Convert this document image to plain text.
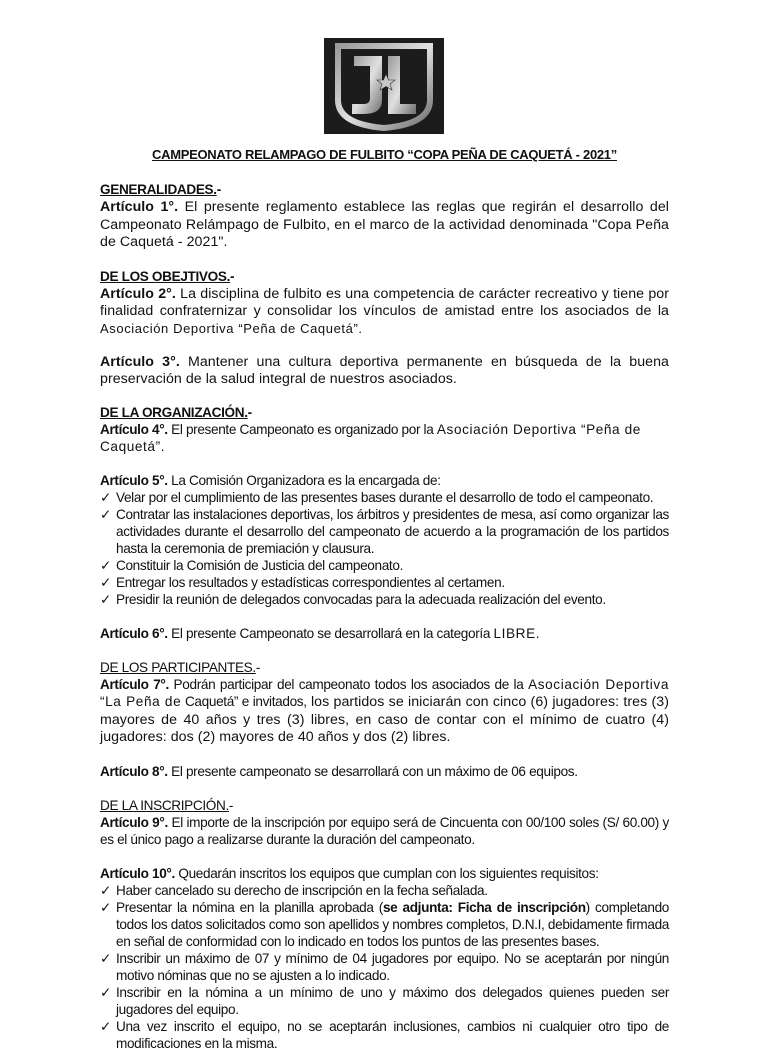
CAMPEONATO RELAMPAGO DE FULBITO “COPA PEÑA DE CAQUETÁ - 2021”

GENERALIDADES.-
Artículo 1°. El presente reglamento establece las reglas que regirán el desarrollo del Campeonato Relámpago de Fulbito, en el marco de la actividad denominada "Copa Peña de Caquetá - 2021".

DE LOS OBEJTIVOS.-
Artículo 2°. La disciplina de fulbito es una competencia de carácter recreativo y tiene por finalidad confraternizar y consolidar los vínculos de amistad entre los asociados de la Asociación Deportiva “Peña de Caquetá”.

Artículo 3°. Mantener una cultura deportiva permanente en búsqueda de la buena preservación de la salud integral de nuestros asociados.

DE LA ORGANIZACIÓN.-
Artículo 4°. El presente Campeonato es organizado por la Asociación Deportiva “Peña de Caquetá”.

Artículo 5°. La Comisión Organizadora es la encargada de:

✓ Velar por el cumplimiento de las presentes bases durante el desarrollo de todo el campeonato.
✓ Contratar las instalaciones deportivas, los árbitros y presidentes de mesa, así como organizar las actividades durante el desarrollo del campeonato de acuerdo a la programación de los partidos hasta la ceremonia de premiación y clausura.
✓ Constituir la Comisión de Justicia del campeonato.
✓ Entregar los resultados y estadísticas correspondientes al certamen.
✓ Presidir la reunión de delegados convocadas para la adecuada realización del evento.

Artículo 6°. El presente Campeonato se desarrollará en la categoría LIBRE.

DE LOS PARTICIPANTES.-
Artículo 7°. Podrán participar del campeonato todos los asociados de la Asociación Deportiva “La Peña de Caquetá” e invitados, los partidos se iniciarán con cinco (6) jugadores: tres (3) mayores de 40 años y tres (3) libres, en caso de contar con el mínimo de cuatro (4) jugadores: dos (2) mayores de 40 años y dos (2) libres.

Artículo 8°. El presente campeonato se desarrollará con un máximo de 06 equipos.

DE LA INSCRIPCIÓN.-
Artículo 9°. El importe de la inscripción por equipo será de Cincuenta con 00/100 soles (S/ 60.00) y es el único pago a realizarse durante la duración del campeonato.

Artículo 10°. Quedarán inscritos los equipos que cumplan con los siguientes requisitos:

✓ Haber cancelado su derecho de inscripción en la fecha señalada.
✓ Presentar la nómina en la planilla aprobada (se adjunta: Ficha de inscripción) completando todos los datos solicitados como son apellidos y nombres completos, D.N.I, debidamente firmada en señal de conformidad con lo indicado en todos los puntos de las presentes bases.
✓ Inscribir un máximo de 07 y mínimo de 04 jugadores por equipo. No se aceptarán por ningún motivo nóminas que no se ajusten a lo indicado.
✓ Inscribir en la nómina a un mínimo de uno y máximo dos delegados quienes pueden ser jugadores del equipo.
✓ Una vez inscrito el equipo, no se aceptarán inclusiones, cambios ni cualquier otro tipo de modificaciones en la misma.
